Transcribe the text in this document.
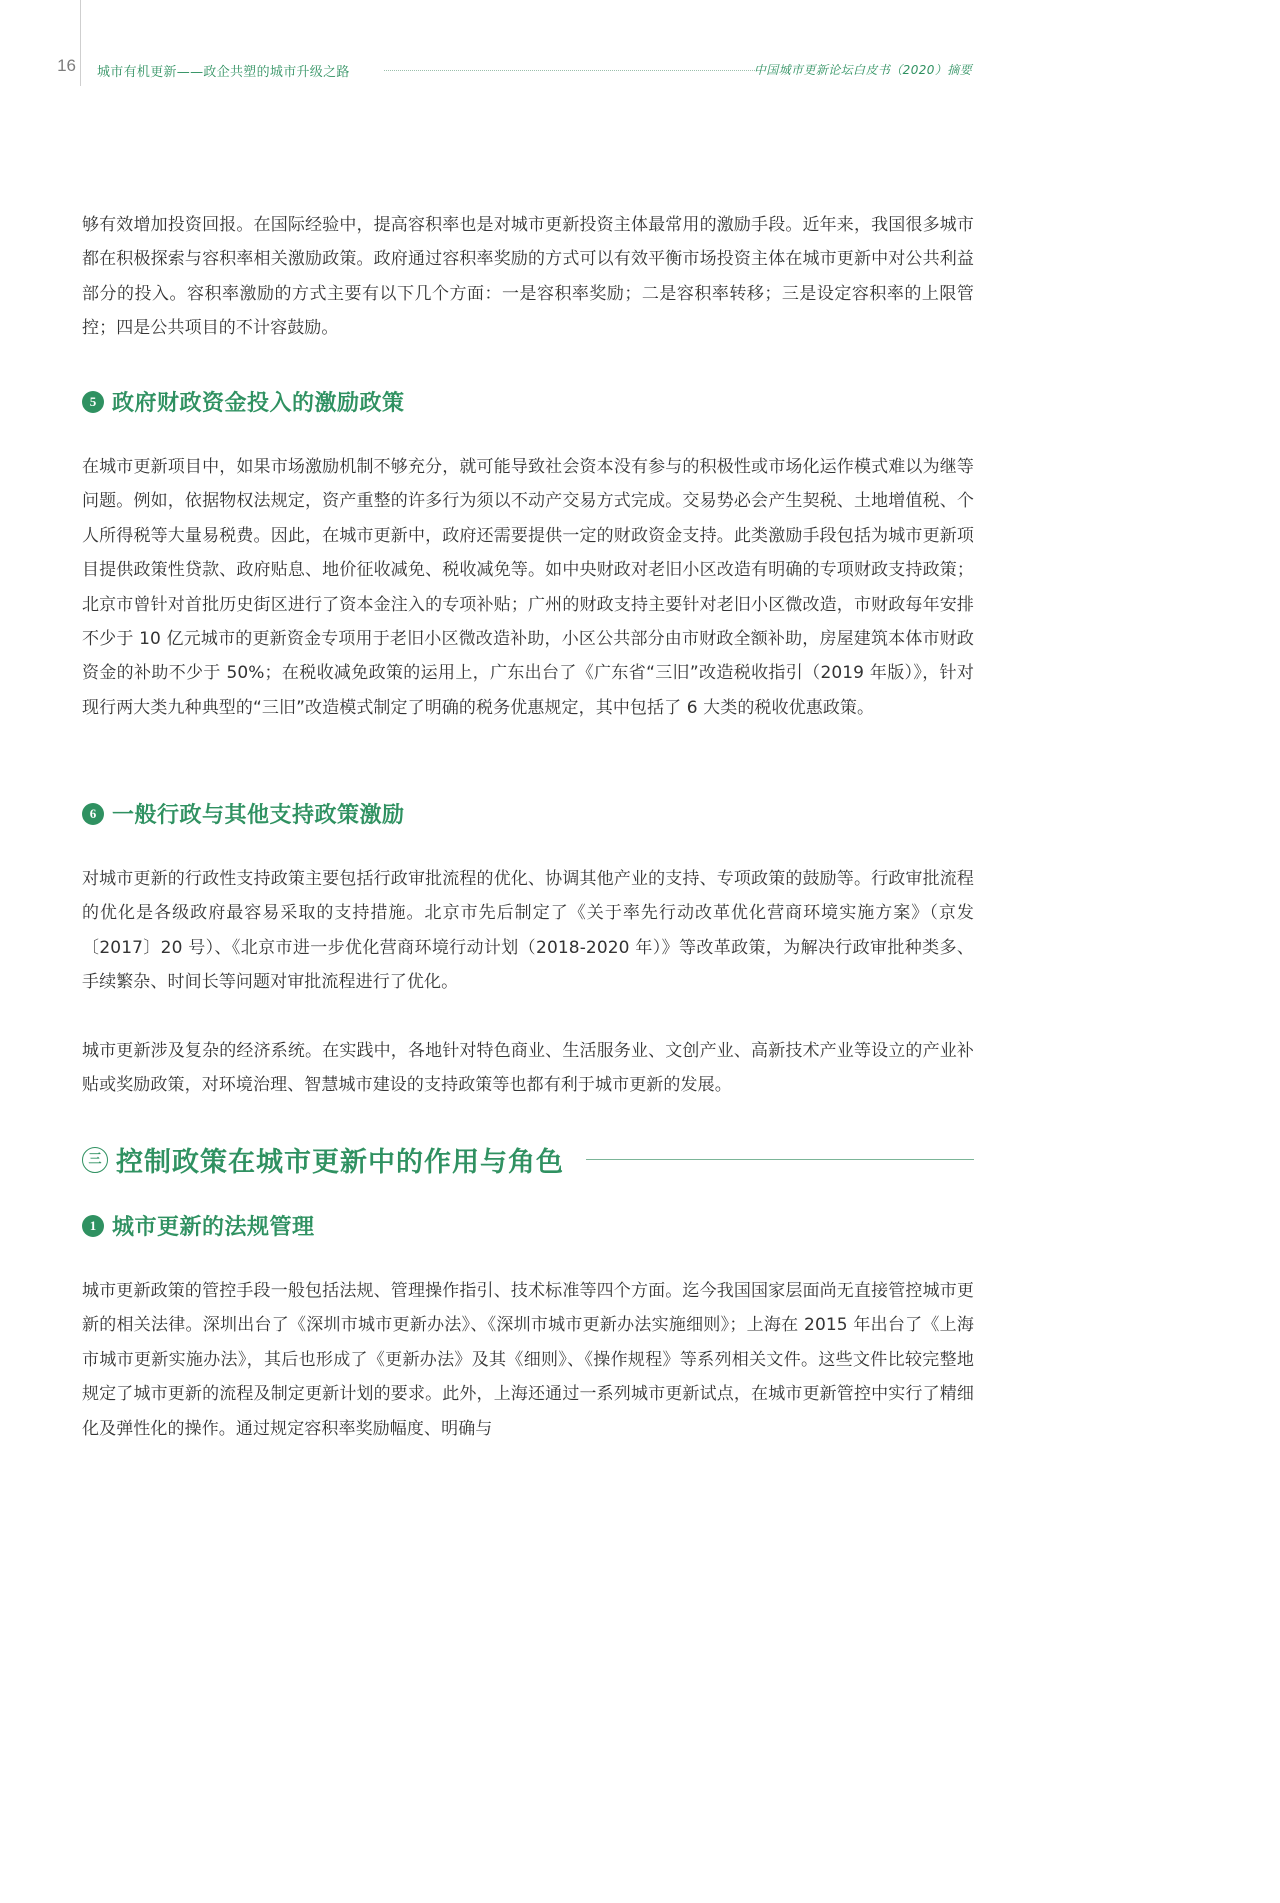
16 城市有机更新——政企共塑的城市升级之路	中国城市更新论坛白皮书（2020）摘要

够有效增加投资回报。在国际经验中，提高容积率也是对城市更新投资主体最常用的激励手段。近年来，我国很多城市都在积极探索与容积率相关激励政策。政府通过容积率奖励的方式可以有效平衡市场投资主体在城市更新中对公共利益部分的投入。容积率激励的方式主要有以下几个方面：一是容积率奖励；二是容积率转移；三是设定容积率的上限管控；四是公共项目的不计容鼓励。

5 政府财政资金投入的激励政策

在城市更新项目中，如果市场激励机制不够充分，就可能导致社会资本没有参与的积极性或市场化运作模式难以为继等问题。例如，依据物权法规定，资产重整的许多行为须以不动产交易方式完成。交易势必会产生契税、土地增值税、个人所得税等大量易税费。因此，在城市更新中，政府还需要提供一定的财政资金支持。此类激励手段包括为城市更新项目提供政策性贷款、政府贴息、地价征收减免、税收减免等。如中央财政对老旧小区改造有明确的专项财政支持政策；北京市曾针对首批历史街区进行了资本金注入的专项补贴；广州的财政支持主要针对老旧小区微改造，市财政每年安排不少于 10 亿元城市的更新资金专项用于老旧小区微改造补助，小区公共部分由市财政全额补助，房屋建筑本体市财政资金的补助不少于 50%；在税收减免政策的运用上，广东出台了《广东省“三旧”改造税收指引（2019 年版）》，针对现行两大类九种典型的“三旧”改造模式制定了明确的税务优惠规定，其中包括了 6 大类的税收优惠政策。

6 一般行政与其他支持政策激励

对城市更新的行政性支持政策主要包括行政审批流程的优化、协调其他产业的支持、专项政策的鼓励等。行政审批流程的优化是各级政府最容易采取的支持措施。北京市先后制定了《关于率先行动改革优化营商环境实施方案》（京发〔2017〕20 号）、《北京市进一步优化营商环境行动计划（2018-2020 年）》等改革政策，为解决行政审批种类多、手续繁杂、时间长等问题对审批流程进行了优化。

城市更新涉及复杂的经济系统。在实践中，各地针对特色商业、生活服务业、文创产业、高新技术产业等设立的产业补贴或奖励政策，对环境治理、智慧城市建设的支持政策等也都有利于城市更新的发展。

三 控制政策在城市更新中的作用与角色
1 城市更新的法规管理

城市更新政策的管控手段一般包括法规、管理操作指引、技术标准等四个方面。迄今我国国家层面尚无直接管控城市更新的相关法律。深圳出台了《深圳市城市更新办法》、《深圳市城市更新办法实施细则》；上海在 2015 年出台了《上海市城市更新实施办法》，其后也形成了《更新办法》及其《细则》、《操作规程》等系列相关文件。这些文件比较完整地规定了城市更新的流程及制定更新计划的要求。此外，上海还通过一系列城市更新试点，在城市更新管控中实行了精细化及弹性化的操作。通过规定容积率奖励幅度、明确与
